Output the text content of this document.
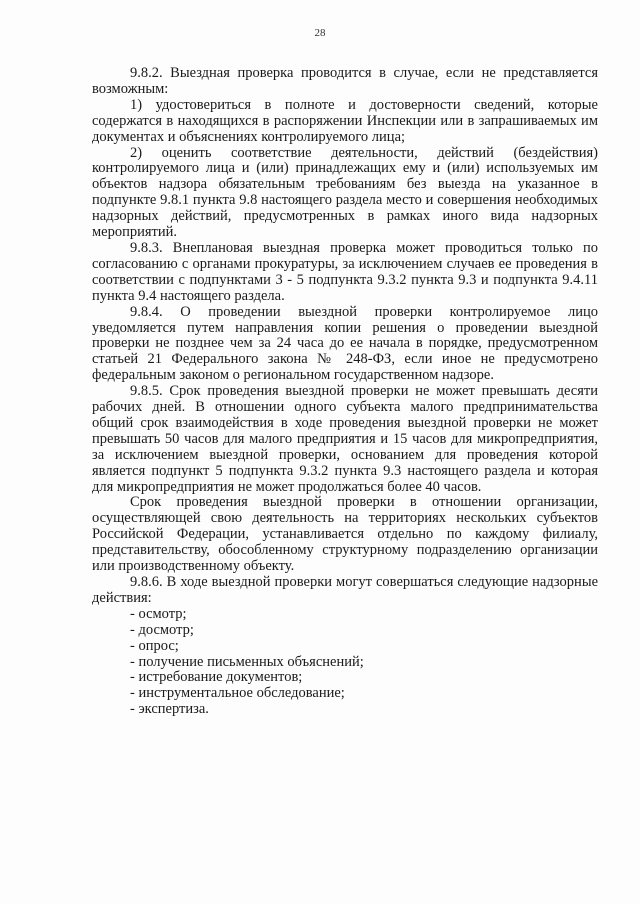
28

9.8.2. Выездная проверка проводится в случае, если не представляется возможным:

1) удостовериться в полноте и достоверности сведений, которые содержатся в находящихся в распоряжении Инспекции или в запрашиваемых им документах и объяснениях контролируемого лица;

2) оценить соответствие деятельности, действий (бездействия) контролируемого лица и (или) принадлежащих ему и (или) используемых им объектов надзора обязательным требованиям без выезда на указанное в подпункте 9.8.1 пункта 9.8 настоящего раздела место и совершения необходимых надзорных действий, предусмотренных в рамках иного вида надзорных мероприятий.

9.8.3. Внеплановая выездная проверка может проводиться только по согласованию с органами прокуратуры, за исключением случаев ее проведения в соответствии с подпунктами 3 - 5 подпункта 9.3.2 пункта 9.3 и подпункта 9.4.11 пункта 9.4 настоящего раздела.

9.8.4. О проведении выездной проверки контролируемое лицо уведомляется путем направления копии решения о проведении выездной проверки не позднее чем за 24 часа до ее начала в порядке, предусмотренном статьей 21 Федерального закона № 248-ФЗ, если иное не предусмотрено федеральным законом о региональном государственном надзоре.

9.8.5. Срок проведения выездной проверки не может превышать десяти рабочих дней. В отношении одного субъекта малого предпринимательства общий срок взаимодействия в ходе проведения выездной проверки не может превышать 50 часов для малого предприятия и 15 часов для микропредприятия, за исключением выездной проверки, основанием для проведения которой является подпункт 5 подпункта 9.3.2 пункта 9.3 настоящего раздела и которая для микропредприятия не может продолжаться более 40 часов.

Срок проведения выездной проверки в отношении организации, осуществляющей свою деятельность на территориях нескольких субъектов Российской Федерации, устанавливается отдельно по каждому филиалу, представительству, обособленному структурному подразделению организации или производственному объекту.

9.8.6. В ходе выездной проверки могут совершаться следующие надзорные действия:

- осмотр;

- досмотр;

- опрос;

- получение письменных объяснений;

- истребование документов;

- инструментальное обследование;

- экспертиза.
